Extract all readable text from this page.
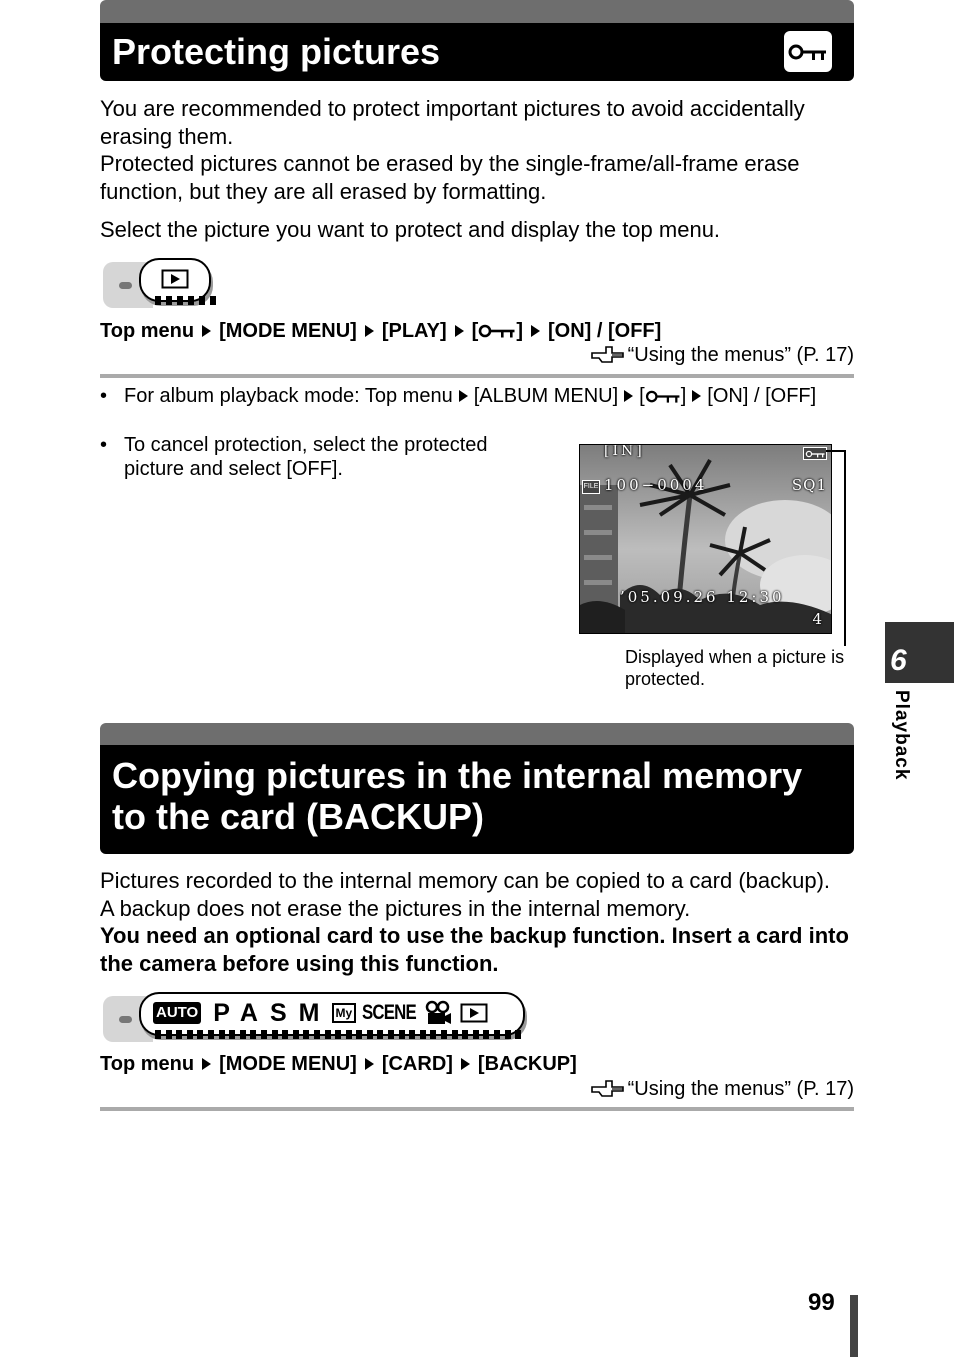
Protecting pictures

You are recommended to protect important pictures to avoid accidentally erasing them.

Protected pictures cannot be erased by the single-frame/all-frame erase function, but they are all erased by formatting.

Select the picture you want to protect and display the top menu.

Top menu [MODE MENU] [PLAY] [ ] [ON] / [OFF]
“Using the menus” (P. 17)
• For album playback mode: Top menu [ALBUM MENU] [ ] [ON] / [OFF]
• To cancel protection, select the protected picture and select [OFF].
[IN]
FILE 100−0004	SQ1
’05.09.26 12:30
4

Displayed when a picture is protected.

Copying pictures in the internal memory to the card (BACKUP)

Pictures recorded to the internal memory can be copied to a card (backup).

A backup does not erase the pictures in the internal memory.

You need an optional card to use the backup function. Insert a card into the camera before using this function.

AUTO P A S M	My SCENE
Top menu [MODE MENU] [CARD] [BACKUP]
“Using the menus” (P. 17)
6
Playback
99
